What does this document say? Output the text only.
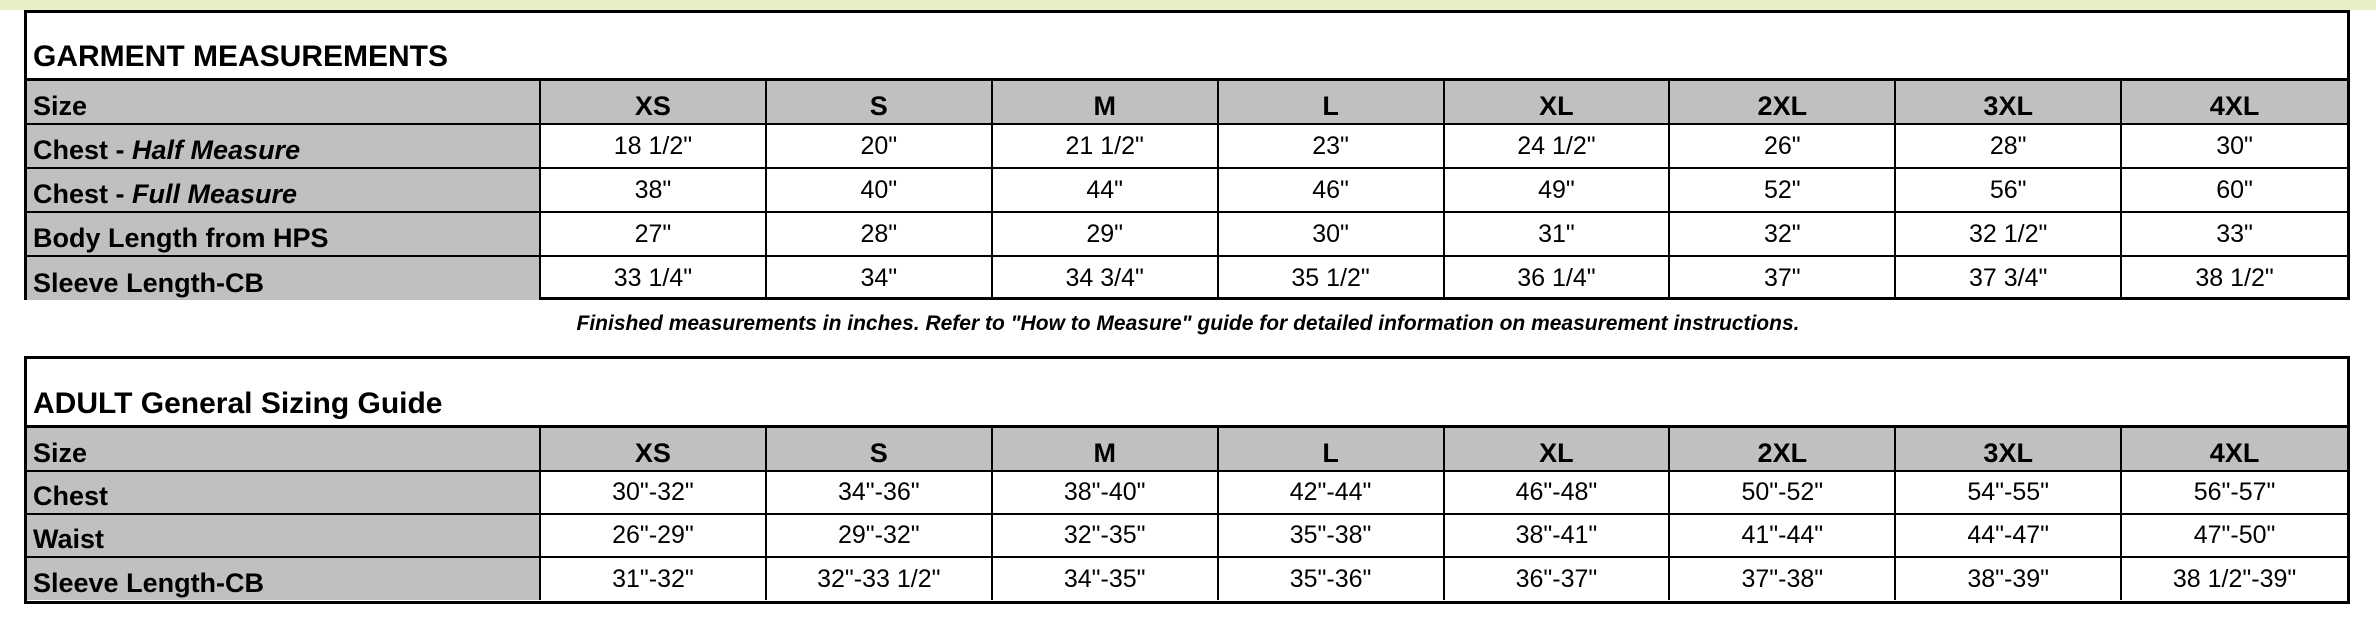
GARMENT MEASUREMENTS
Size	XS	S	M	L	XL	2XL	3XL	4XL
Chest - Half Measure	18 1/2"	20"	21 1/2"	23"	24 1/2"	26"	28"	30"
Chest - Full Measure	38"	40"	44"	46"	49"	52"	56"	60"
Body Length from HPS	27"	28"	29"	30"	31"	32"	32 1/2"	33"
Sleeve Length-CB	33 1/4"	34"	34 3/4"	35 1/2"	36 1/4"	37"	37 3/4"	38 1/2"
Finished measurements in inches. Refer to "How to Measure" guide for detailed information on measurement instructions.
ADULT General Sizing Guide
Size	XS	S	M	L	XL	2XL	3XL	4XL
Chest	30"-32"	34"-36"	38"-40"	42"-44"	46"-48"	50"-52"	54"-55"	56"-57"
Waist	26"-29"	29"-32"	32"-35"	35"-38"	38"-41"	41"-44"	44"-47"	47"-50"
Sleeve Length-CB	31"-32"	32"-33 1/2"	34"-35"	35"-36"	36"-37"	37"-38"	38"-39"	38 1/2"-39"
